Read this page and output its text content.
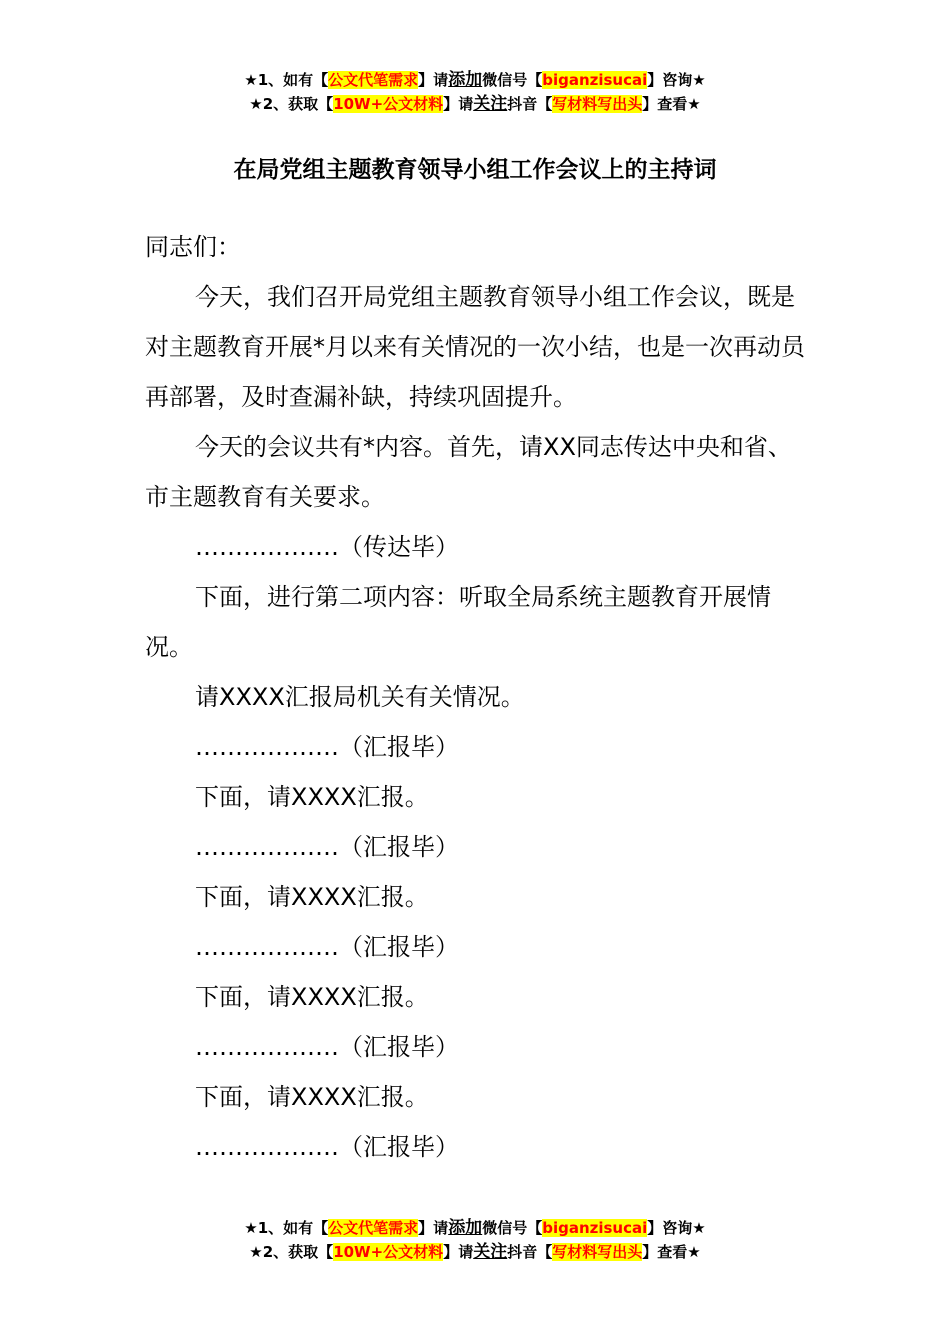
★1、如有【公文代笔需求】请添加微信号【biganzisucai】咨询★
★2、获取【10W+公文材料】请关注抖音【写材料写出头】查看★
在局党组主题教育领导小组工作会议上的主持词

同志们：

今天，我们召开局党组主题教育领导小组工作会议，既是对主题教育开展*月以来有关情况的一次小结，也是一次再动员再部署，及时查漏补缺，持续巩固提升。

今天的会议共有*内容。首先，请XX同志传达中央和省、市主题教育有关要求。

………………（传达毕）

下面，进行第二项内容：听取全局系统主题教育开展情况。

请XXXX汇报局机关有关情况。

………………（汇报毕）

下面，请XXXX汇报。

………………（汇报毕）

下面，请XXXX汇报。

………………（汇报毕）

下面，请XXXX汇报。

………………（汇报毕）

下面，请XXXX汇报。

………………（汇报毕）

★1、如有【公文代笔需求】请添加微信号【biganzisucai】咨询★
★2、获取【10W+公文材料】请关注抖音【写材料写出头】查看★
